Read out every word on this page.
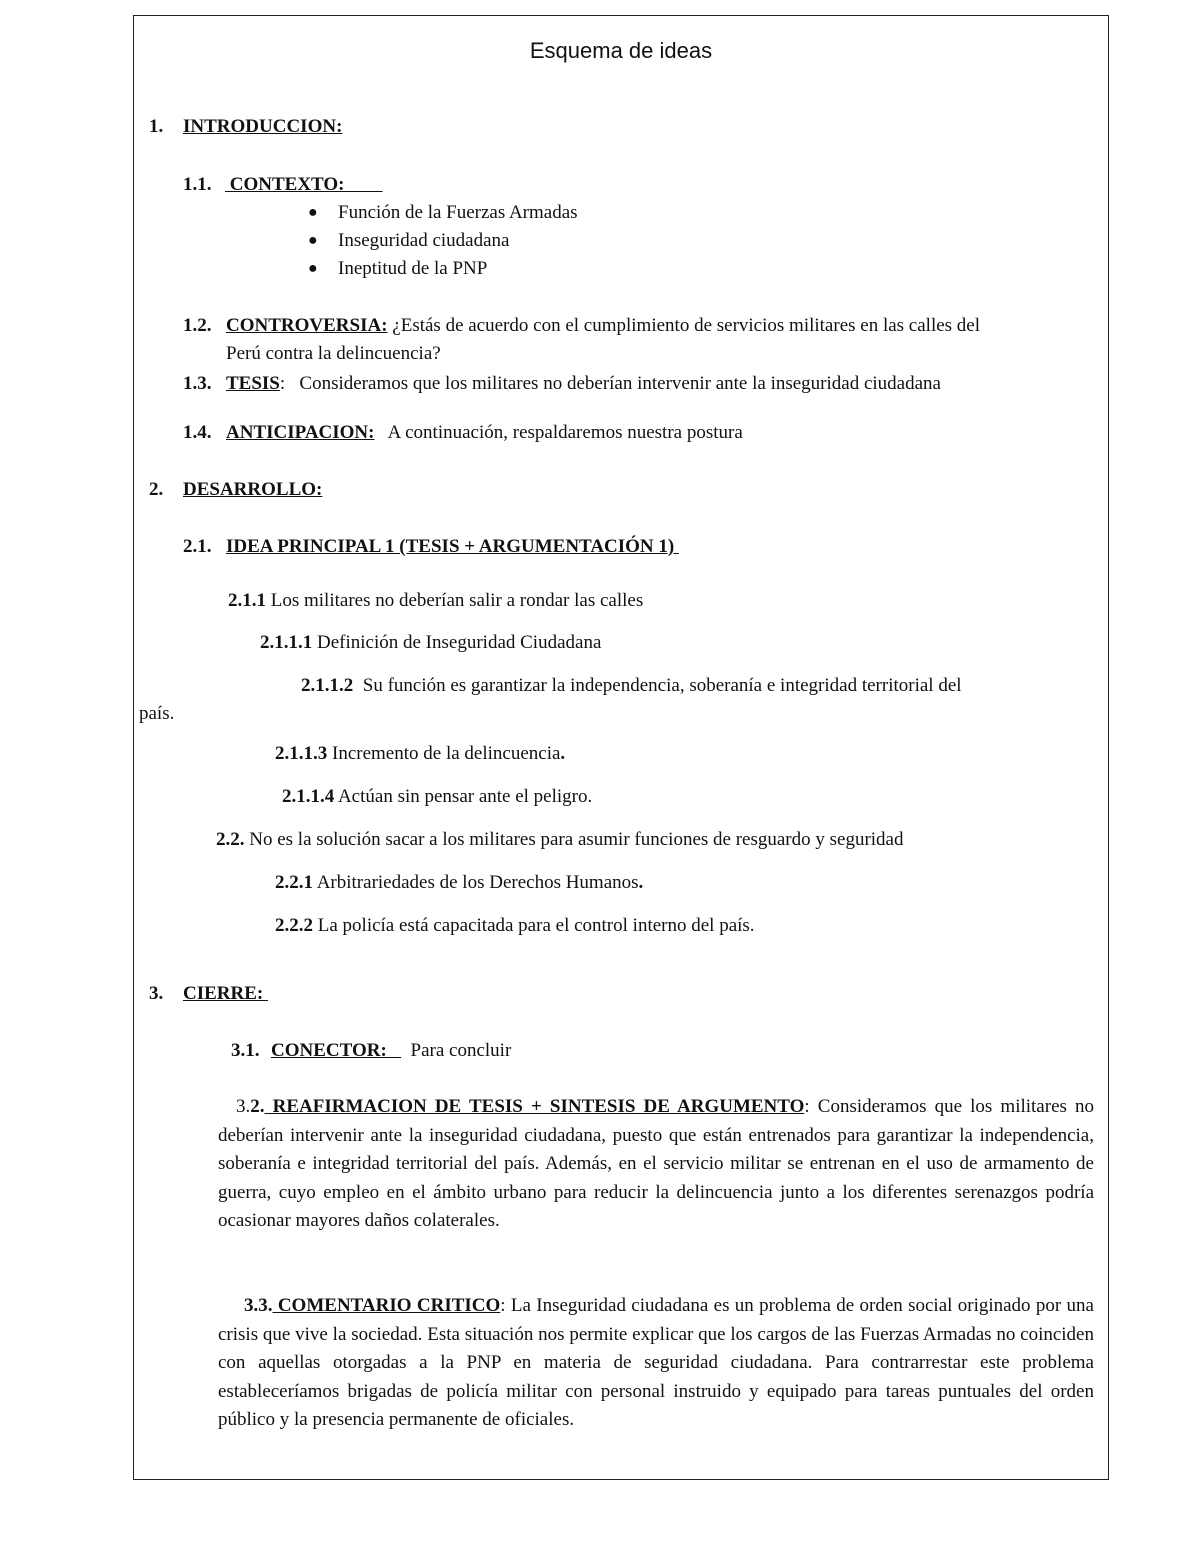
Esquema de ideas
1. INTRODUCCION:
1.1. CONTEXTO:
● Función de la Fuerzas Armadas
● Inseguridad ciudadana
● Ineptitud de la PNP
1.2. CONTROVERSIA: ¿Estás de acuerdo con el cumplimiento de servicios militares en las calles del
Perú contra la delincuencia?
1.3. TESIS:   Consideramos que los militares no deberían intervenir ante la inseguridad ciudadana
1.4. ANTICIPACION:   A continuación, respaldaremos nuestra postura
2. DESARROLLO:
2.1. IDEA PRINCIPAL 1 (TESIS + ARGUMENTACIÓN 1)
2.1.1 Los militares no deberían salir a rondar las calles
2.1.1.1 Definición de Inseguridad Ciudadana
2.1.1.2  Su función es garantizar la independencia, soberanía e integridad territorial del
país.
2.1.1.3 Incremento de la delincuencia.
2.1.1.4 Actúan sin pensar ante el peligro.
2.2. No es la solución sacar a los militares para asumir funciones de resguardo y seguridad
2.2.1 Arbitrariedades de los Derechos Humanos.
2.2.2 La policía está capacitada para el control interno del país.
3. CIERRE:
3.1. CONECTOR:     Para concluir
3.2. REAFIRMACION DE TESIS + SINTESIS DE ARGUMENTO: Consideramos que los militares no deberían intervenir ante la inseguridad ciudadana, puesto que están entrenados para garantizar la independencia, soberanía e integridad territorial del país. Además, en el servicio militar se entrenan en el uso de armamento de guerra, cuyo empleo en el ámbito urbano para reducir la delincuencia junto a los diferentes serenazgos podría ocasionar mayores daños colaterales.
3.3. COMENTARIO CRITICO: La Inseguridad ciudadana es un problema de orden social originado por una crisis que vive la sociedad. Esta situación nos permite explicar que los cargos de las Fuerzas Armadas no coinciden con aquellas otorgadas a la PNP en materia de seguridad ciudadana. Para contrarrestar este problema estableceríamos brigadas de policía militar con personal instruido y equipado para tareas puntuales del orden público y la presencia permanente de oficiales.
